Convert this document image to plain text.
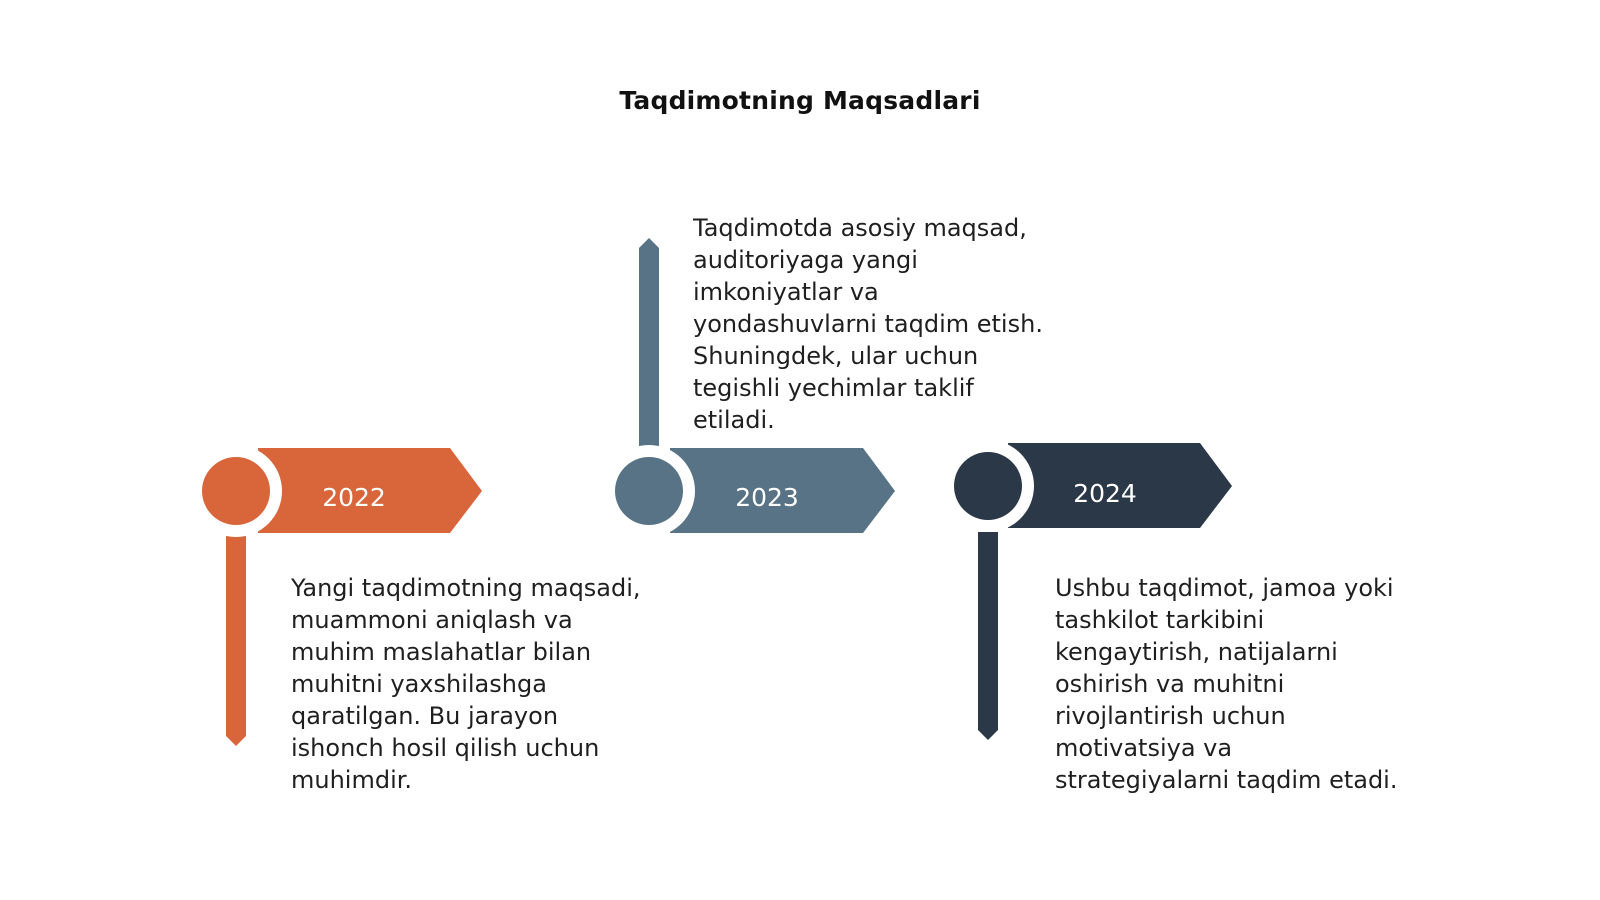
Taqdimotning Maqsadlari
2022	2023	2024

Yangi taqdimotning maqsadi, muammoni aniqlash va muhim maslahatlar bilan muhitni yaxshilashga qaratilgan. Bu jarayon ishonch hosil qilish uchun muhimdir.

Taqdimotda asosiy maqsad, auditoriyaga yangi imkoniyatlar va yondashuvlarni taqdim etish. Shuningdek, ular uchun tegishli yechimlar taklif etiladi.

Ushbu taqdimot, jamoa yoki tashkilot tarkibini kengaytirish, natijalarni oshirish va muhitni rivojlantirish uchun motivatsiya va strategiyalarni taqdim etadi.
